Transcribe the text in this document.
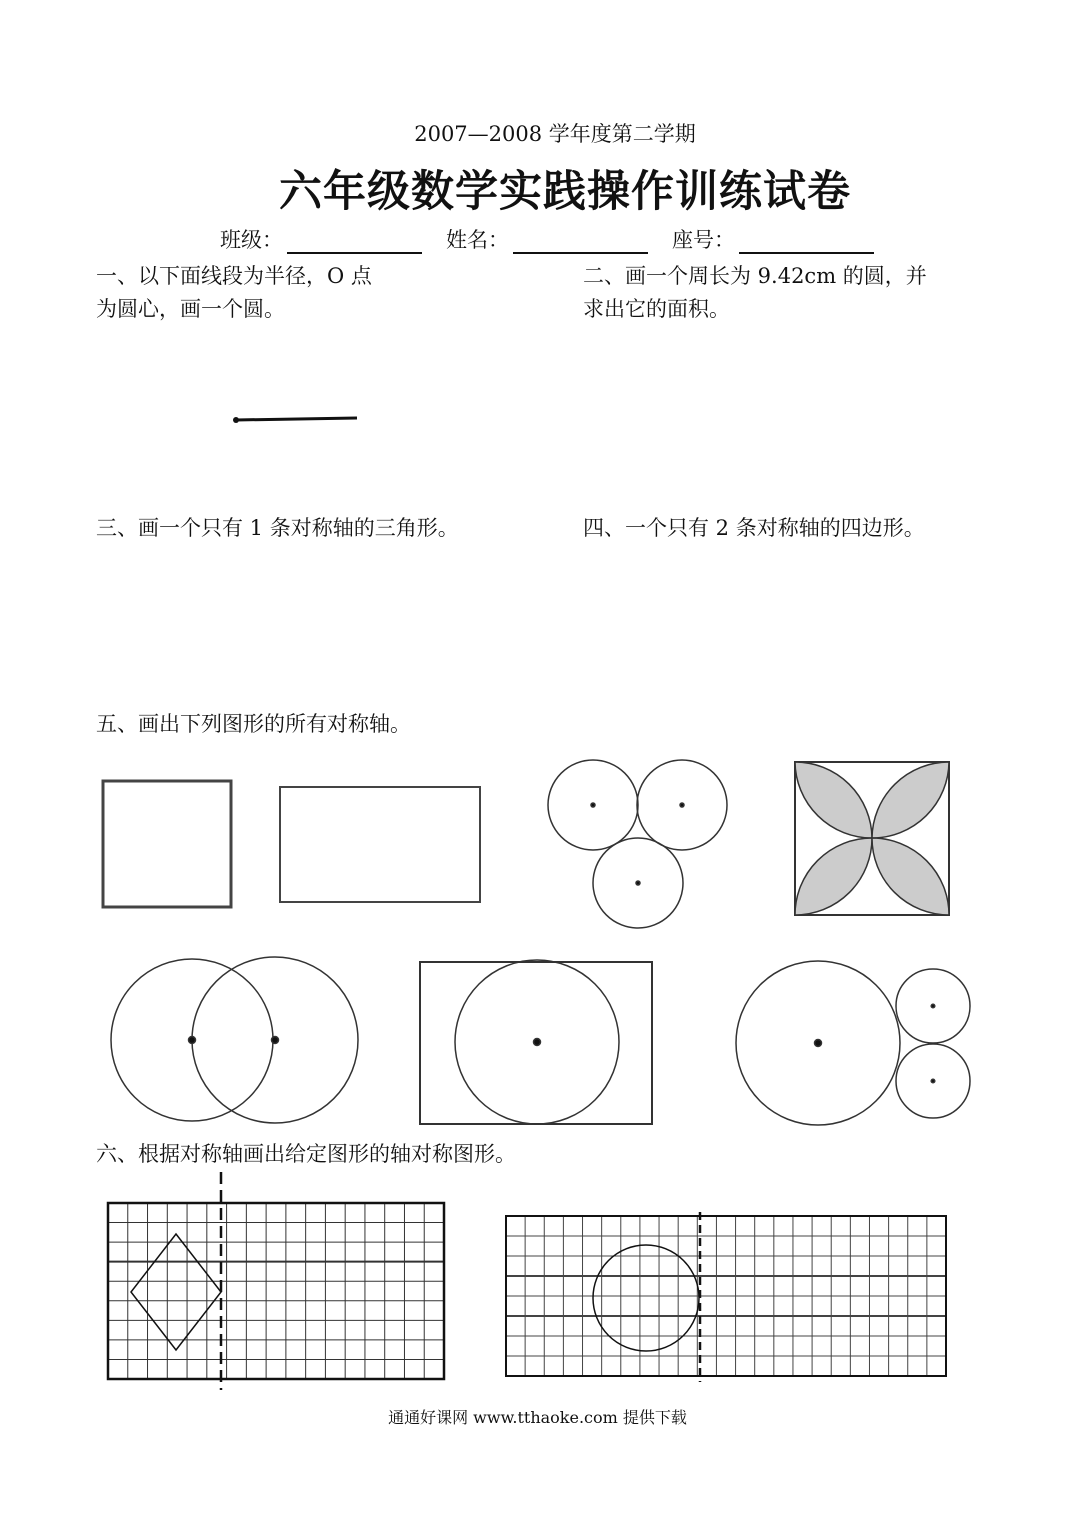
2007—2008 学年度第二学期
六年级数学实践操作训练试卷
班级：	姓名：	座号：
一、以下面线段为半径，O 点
为圆心，画一个圆。
二、画一个周长为 9.42cm 的圆，并
求出它的面积。
三、画一个只有 1 条对称轴的三角形。	四、一个只有 2 条对称轴的四边形。
五、画出下列图形的所有对称轴。
六、根据对称轴画出给定图形的轴对称图形。
通通好课网 www.tthaoke.com 提供下载
